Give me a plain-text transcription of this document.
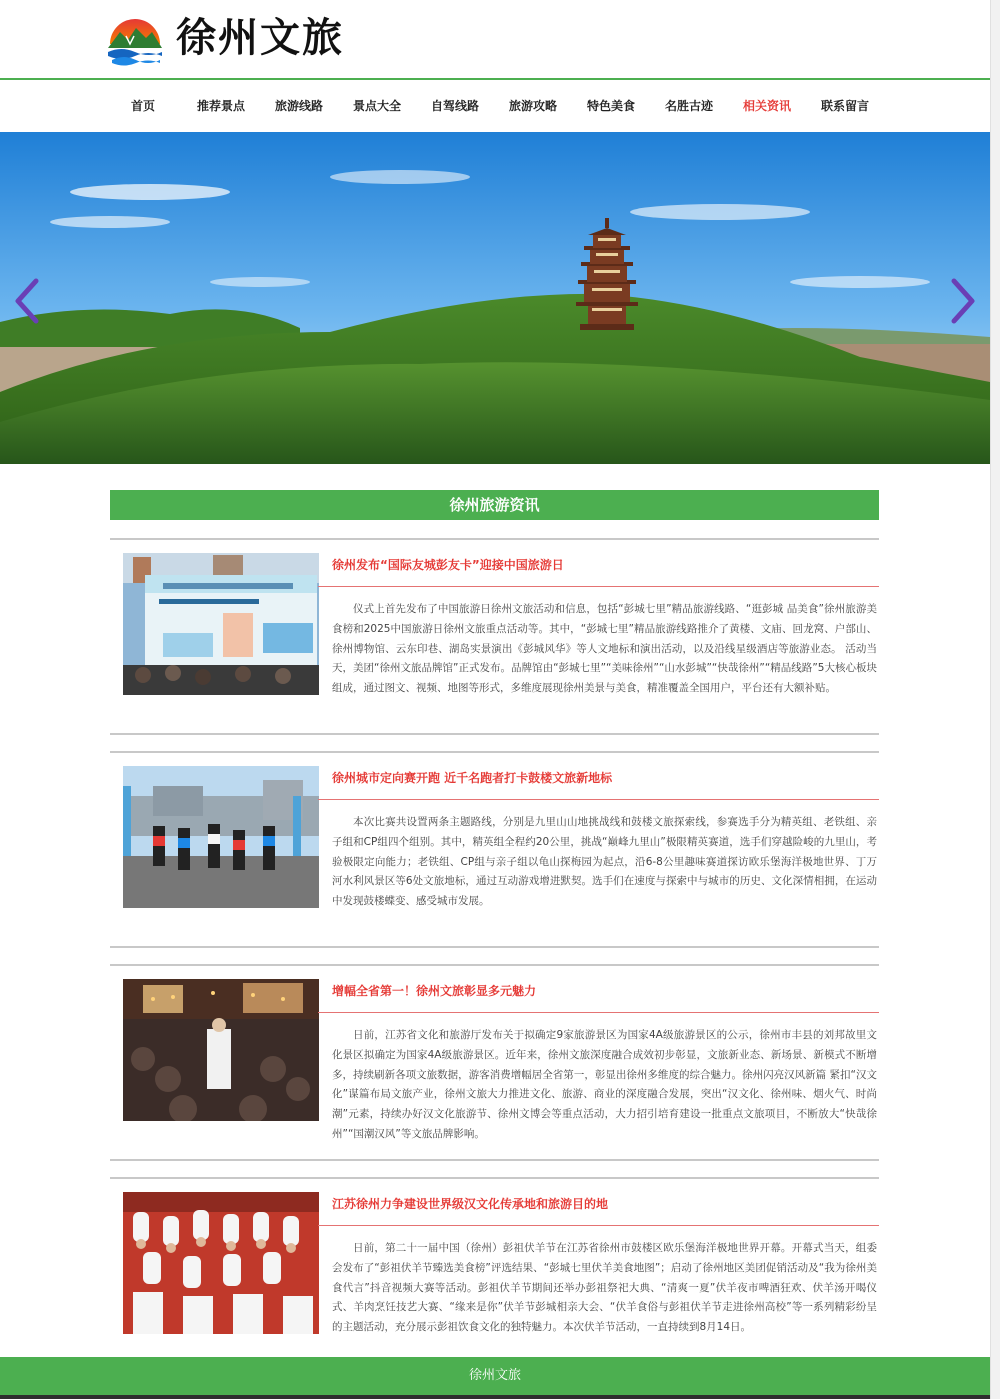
徐州文旅
首页	推荐景点	旅游线路	景点大全	自驾线路	旅游攻略	特色美食	名胜古迹	相关资讯	联系留言
徐州旅游资讯
徐州发布“国际友城彭友卡”迎接中国旅游日
仪式上首先发布了中国旅游日徐州文旅活动和信息，包括“彭城七里”精品旅游线路、“逛彭城 品美食”徐州旅游美食榜和2025中国旅游日徐州文旅重点活动等。其中，“彭城七里”精品旅游线路推介了黄楼、文庙、回龙窝、户部山、徐州博物馆、云东印巷、湖岛实景演出《彭城风华》等人文地标和演出活动，以及沿线星级酒店等旅游业态。 活动当天，美团“徐州文旅品牌馆”正式发布。品牌馆由“彭城七里”“美味徐州”“山水彭城”“快哉徐州”“精品线路”5大核心板块组成，通过图文、视频、地图等形式，多维度展现徐州美景与美食，精准覆盖全国用户，平台还有大额补贴。
徐州城市定向赛开跑 近千名跑者打卡鼓楼文旅新地标
本次比赛共设置两条主题路线，分别是九里山山地挑战线和鼓楼文旅探索线，参赛选手分为精英组、老铁组、亲子组和CP组四个组别。其中，精英组全程约20公里，挑战“巅峰九里山”极限精英赛道，选手们穿越险峻的九里山，考验极限定向能力；老铁组、CP组与亲子组以龟山探梅园为起点，沿6-8公里趣味赛道探访欧乐堡海洋极地世界、丁万河水利风景区等6处文旅地标，通过互动游戏增进默契。选手们在速度与探索中与城市的历史、文化深情相拥，在运动中发现鼓楼蝶变、感受城市发展。
增幅全省第一！徐州文旅彰显多元魅力
日前，江苏省文化和旅游厅发布关于拟确定9家旅游景区为国家4A级旅游景区的公示，徐州市丰县的刘邦故里文化景区拟确定为国家4A级旅游景区。近年来，徐州文旅深度融合成效初步彰显，文旅新业态、新场景、新模式不断增多，持续刷新各项文旅数据，游客消费增幅居全省第一，彰显出徐州多维度的综合魅力。徐州闪亮汉风新篇 紧扣“汉文化”谋篇布局文旅产业，徐州文旅大力推进文化、旅游、商业的深度融合发展，突出“汉文化、徐州味、烟火气、时尚潮”元素，持续办好汉文化旅游节、徐州文博会等重点活动，大力招引培育建设一批重点文旅项目，不断放大“快哉徐州”“国潮汉风”等文旅品牌影响。
江苏徐州力争建设世界级汉文化传承地和旅游目的地
日前，第二十一届中国（徐州）彭祖伏羊节在江苏省徐州市鼓楼区欧乐堡海洋极地世界开幕。开幕式当天，组委会发布了“彭祖伏羊节臻选美食榜”评选结果、“彭城七里伏羊美食地图”；启动了徐州地区美团促销活动及“我为徐州美食代言”抖音视频大赛等活动。彭祖伏羊节期间还举办彭祖祭祀大典、“清爽一夏”伏羊夜市啤酒狂欢、伏羊汤开喝仪式、羊肉烹饪技艺大赛、“缘来是你”伏羊节彭城相亲大会、“伏羊食俗与彭祖伏羊节走进徐州高校”等一系列精彩纷呈的主题活动，充分展示彭祖饮食文化的独特魅力。本次伏羊节活动，一直持续到8月14日。
徐州文旅
